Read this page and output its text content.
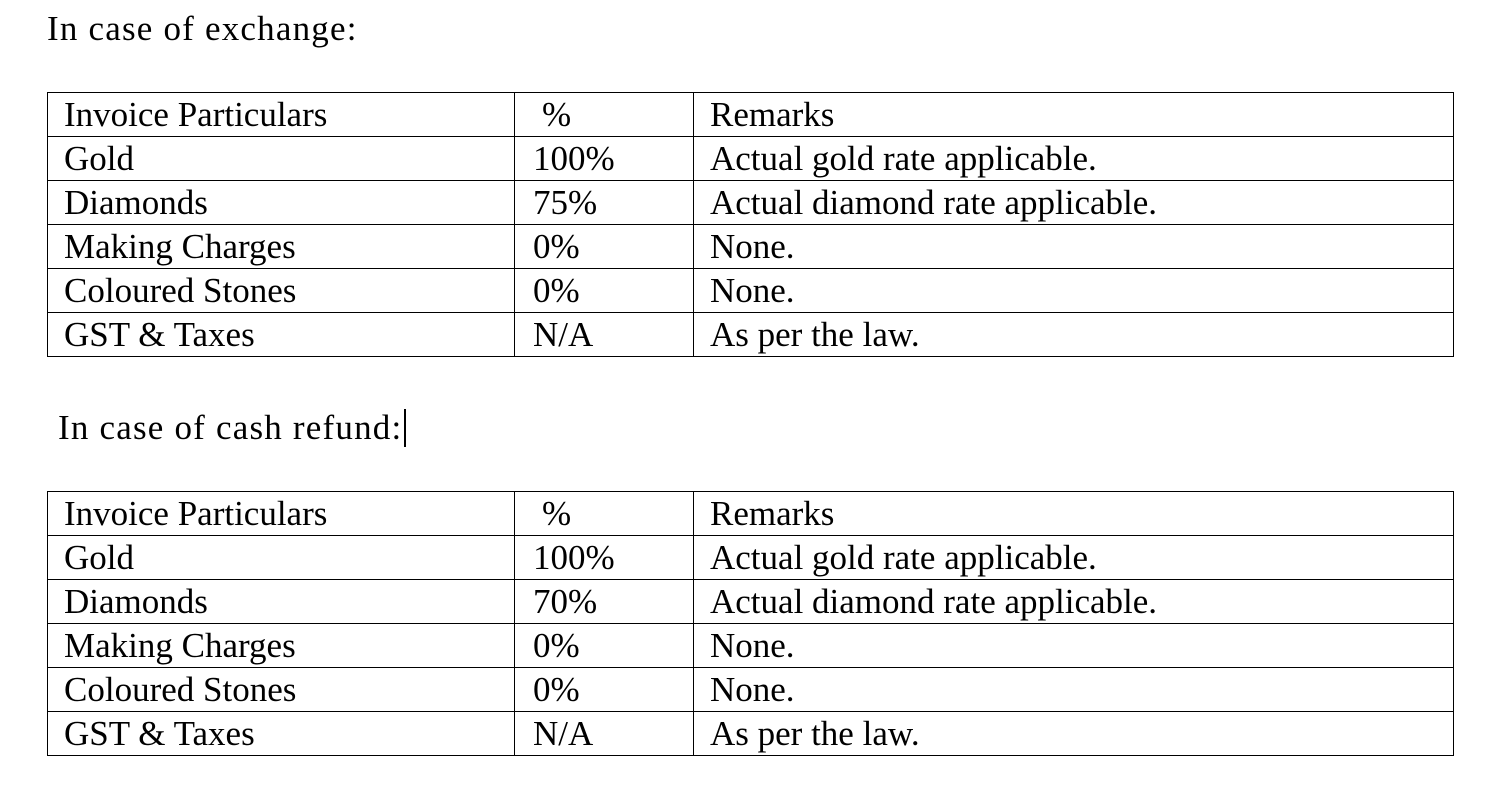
In case of exchange:

Invoice Particulars	%	Remarks
Gold	100%	Actual gold rate applicable.
Diamonds	75%	Actual diamond rate applicable.
Making Charges	0%	None.
Coloured Stones	0%	None.
GST & Taxes	N/A	As per the law.

In case of cash refund:

Invoice Particulars	%	Remarks
Gold	100%	Actual gold rate applicable.
Diamonds	70%	Actual diamond rate applicable.
Making Charges	0%	None.
Coloured Stones	0%	None.
GST & Taxes	N/A	As per the law.
